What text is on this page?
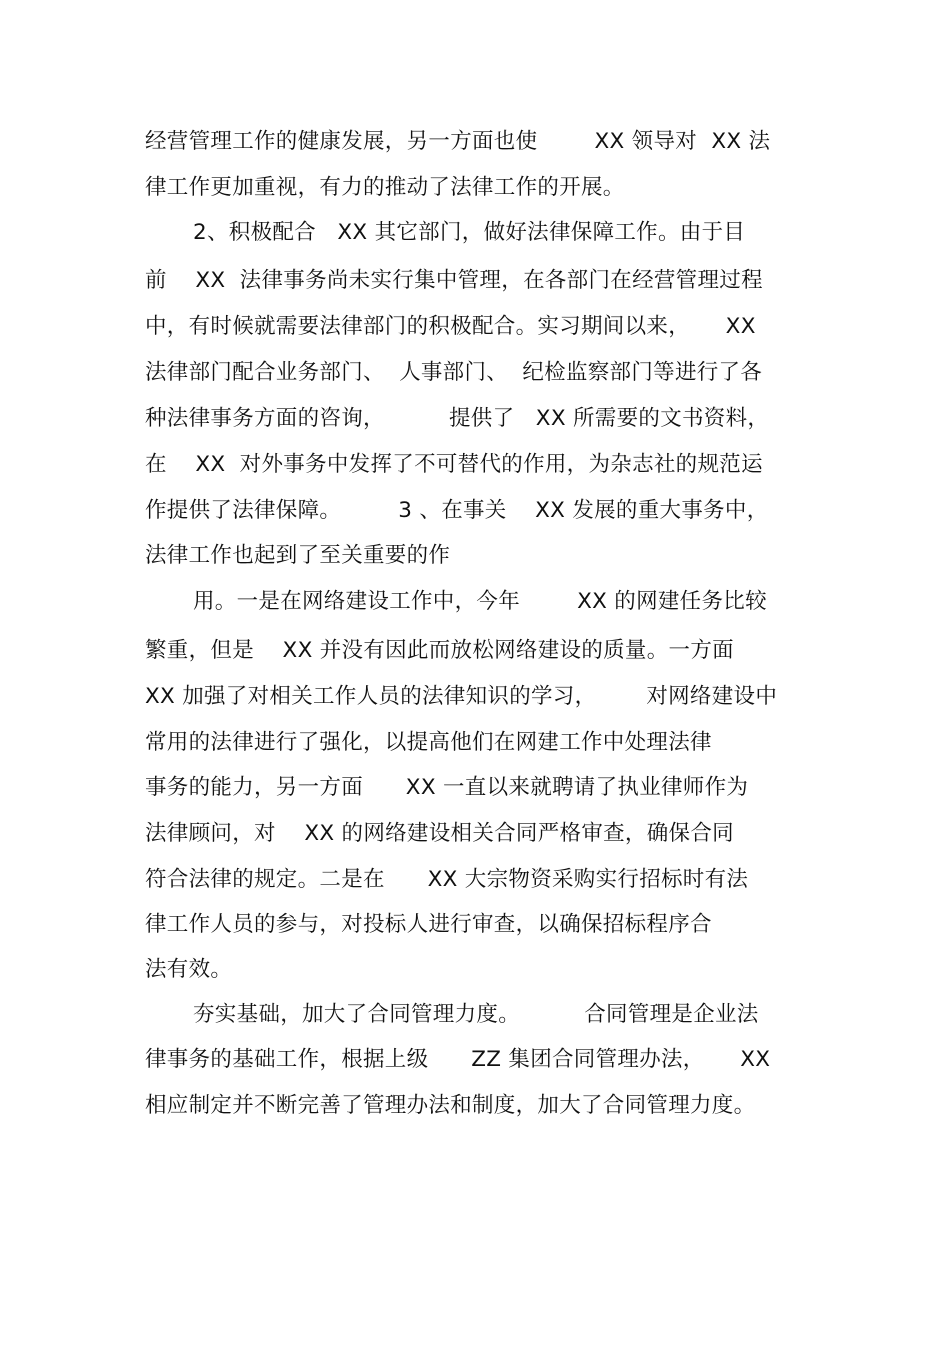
经营管理工作的健康发展，另一方面也使        XX 领导对  XX 法
律工作更加重视，有力的推动了法律工作的开展。
2、积极配合   XX 其它部门，做好法律保障工作。由于目
前    XX  法律事务尚未实行集中管理，在各部门在经营管理过程
中，有时候就需要法律部门的积极配合。实习期间以来，     XX
法律部门配合业务部门、  人事部门、  纪检监察部门等进行了各
种法律事务方面的咨询，         提供了   XX 所需要的文书资料，
在    XX  对外事务中发挥了不可替代的作用，为杂志社的规范运
作提供了法律保障。        3 、在事关    XX 发展的重大事务中，
法律工作也起到了至关重要的作
用。一是在网络建设工作中，今年        XX 的网建任务比较
繁重，但是    XX 并没有因此而放松网络建设的质量。一方面
XX 加强了对相关工作人员的法律知识的学习，       对网络建设中
常用的法律进行了强化，以提高他们在网建工作中处理法律
事务的能力，另一方面      XX 一直以来就聘请了执业律师作为
法律顾问，对    XX 的网络建设相关合同严格审查，确保合同
符合法律的规定。二是在      XX 大宗物资采购实行招标时有法
律工作人员的参与，对投标人进行审查，以确保招标程序合
法有效。
夯实基础，加大了合同管理力度。         合同管理是企业法
律事务的基础工作，根据上级      ZZ 集团合同管理办法，     XX
相应制定并不断完善了管理办法和制度，加大了合同管理力度。
